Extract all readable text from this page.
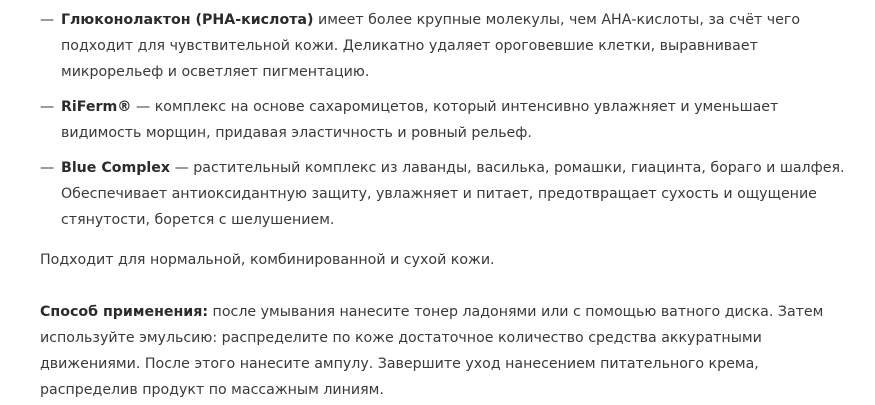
— Глюконолактон (PHA-кислота) имеет более крупные молекулы, чем АНА-кислоты, за счёт чего подходит для чувствительной кожи. Деликатно удаляет ороговевшие клетки, выравнивает микрорельеф и осветляет пигментацию.
— RiFerm® — комплекс на основе сахаромицетов, который интенсивно увлажняет и уменьшает видимость морщин, придавая эластичность и ровный рельеф.
— Blue Complex — растительный комплекс из лаванды, василька, ромашки, гиацинта, бораго и шалфея. Обеспечивает антиоксидантную защиту, увлажняет и питает, предотвращает сухость и ощущение стянутости, борется с шелушением.

Подходит для нормальной, комбинированной и сухой кожи.

Способ применения: после умывания нанесите тонер ладонями или с помощью ватного диска. Затем используйте эмульсию: распределите по коже достаточное количество средства аккуратными движениями. После этого нанесите ампулу. Завершите уход нанесением питательного крема, распределив продукт по массажным линиям.
